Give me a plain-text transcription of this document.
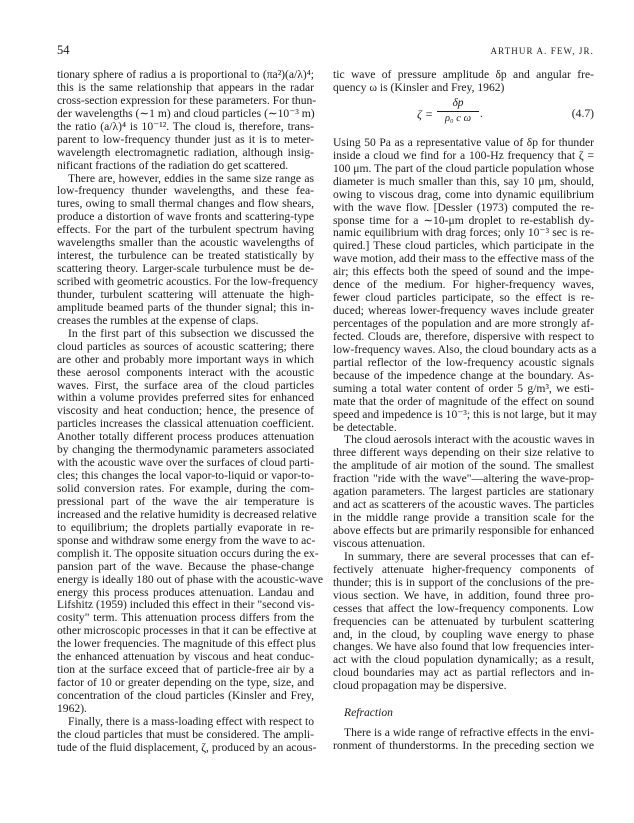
54	ARTHUR A. FEW, JR.
tionary sphere of radius a is proportional to (πa²)(a/λ)⁴;
this is the same relationship that appears in the radar
cross-section expression for these parameters. For thun-
der wavelengths (∼1 m) and cloud particles (∼10⁻³ m)
the ratio (a/λ)⁴ is 10⁻¹². The cloud is, therefore, trans-
parent to low-frequency thunder just as it is to meter-
wavelength electromagnetic radiation, although insig-
nificant fractions of the radiation do get scattered.
There are, however, eddies in the same size range as
low-frequency thunder wavelengths, and these fea-
tures, owing to small thermal changes and flow shears,
produce a distortion of wave fronts and scattering-type
effects. For the part of the turbulent spectrum having
wavelengths smaller than the acoustic wavelengths of
interest, the turbulence can be treated statistically by
scattering theory. Larger-scale turbulence must be de-
scribed with geometric acoustics. For the low-frequency
thunder, turbulent scattering will attenuate the high-
amplitude beamed parts of the thunder signal; this in-
creases the rumbles at the expense of claps.
In the first part of this subsection we discussed the
cloud particles as sources of acoustic scattering; there
are other and probably more important ways in which
these aerosol components interact with the acoustic
waves. First, the surface area of the cloud particles
within a volume provides preferred sites for enhanced
viscosity and heat conduction; hence, the presence of
particles increases the classical attenuation coefficient.
Another totally different process produces attenuation
by changing the thermodynamic parameters associated
with the acoustic wave over the surfaces of cloud parti-
cles; this changes the local vapor-to-liquid or vapor-to-
solid conversion rates. For example, during the com-
pressional part of the wave the air temperature is
increased and the relative humidity is decreased relative
to equilibrium; the droplets partially evaporate in re-
sponse and withdraw some energy from the wave to ac-
complish it. The opposite situation occurs during the ex-
pansion part of the wave. Because the phase-change
energy is ideally 180 out of phase with the acoustic-wave
energy this process produces attenuation. Landau and
Lifshitz (1959) included this effect in their "second vis-
cosity" term. This attenuation process differs from the
other microscopic processes in that it can be effective at
the lower frequencies. The magnitude of this effect plus
the enhanced attenuation by viscous and heat conduc-
tion at the surface exceed that of particle-free air by a
factor of 10 or greater depending on the type, size, and
concentration of the cloud particles (Kinsler and Frey,
1962).
Finally, there is a mass-loading effect with respect to
the cloud particles that must be considered. The ampli-
tude of the fluid displacement, ζ, produced by an acous-
tic wave of pressure amplitude δp and angular fre-
quency ω is (Kinsler and Frey, 1962)
$\zeta = \frac{\delta p}{\text{ρ₀ c ω}}$ .	(4.7)
Using 50 Pa as a representative value of δp for thunder
inside a cloud we find for a 100-Hz frequency that ζ =
100 μm. The part of the cloud particle population whose
diameter is much smaller than this, say 10 μm, should,
owing to viscous drag, come into dynamic equilibrium
with the wave flow. [Dessler (1973) computed the re-
sponse time for a ∼10-μm droplet to re-establish dy-
namic equilibrium with drag forces; only 10⁻³ sec is re-
quired.] These cloud particles, which participate in the
wave motion, add their mass to the effective mass of the
air; this effects both the speed of sound and the impe-
dence of the medium. For higher-frequency waves,
fewer cloud particles participate, so the effect is re-
duced; whereas lower-frequency waves include greater
percentages of the population and are more strongly af-
fected. Clouds are, therefore, dispersive with respect to
low-frequency waves. Also, the cloud boundary acts as a
partial reflector of the low-frequency acoustic signals
because of the impedence change at the boundary. As-
suming a total water content of order 5 g/m³, we esti-
mate that the order of magnitude of the effect on sound
speed and impedence is 10⁻³; this is not large, but it may
be detectable.
The cloud aerosols interact with the acoustic waves in
three different ways depending on their size relative to
the amplitude of air motion of the sound. The smallest
fraction "ride with the wave"—altering the wave-prop-
agation parameters. The largest particles are stationary
and act as scatterers of the acoustic waves. The particles
in the middle range provide a transition scale for the
above effects but are primarily responsible for enhanced
viscous attenuation.
In summary, there are several processes that can ef-
fectively attenuate higher-frequency components of
thunder; this is in support of the conclusions of the pre-
vious section. We have, in addition, found three pro-
cesses that affect the low-frequency components. Low
frequencies can be attenuated by turbulent scattering
and, in the cloud, by coupling wave energy to phase
changes. We have also found that low frequencies inter-
act with the cloud population dynamically; as a result,
cloud boundaries may act as partial reflectors and in-
cloud propagation may be dispersive.
Refraction
There is a wide range of refractive effects in the envi-
ronment of thunderstorms. In the preceding section we
